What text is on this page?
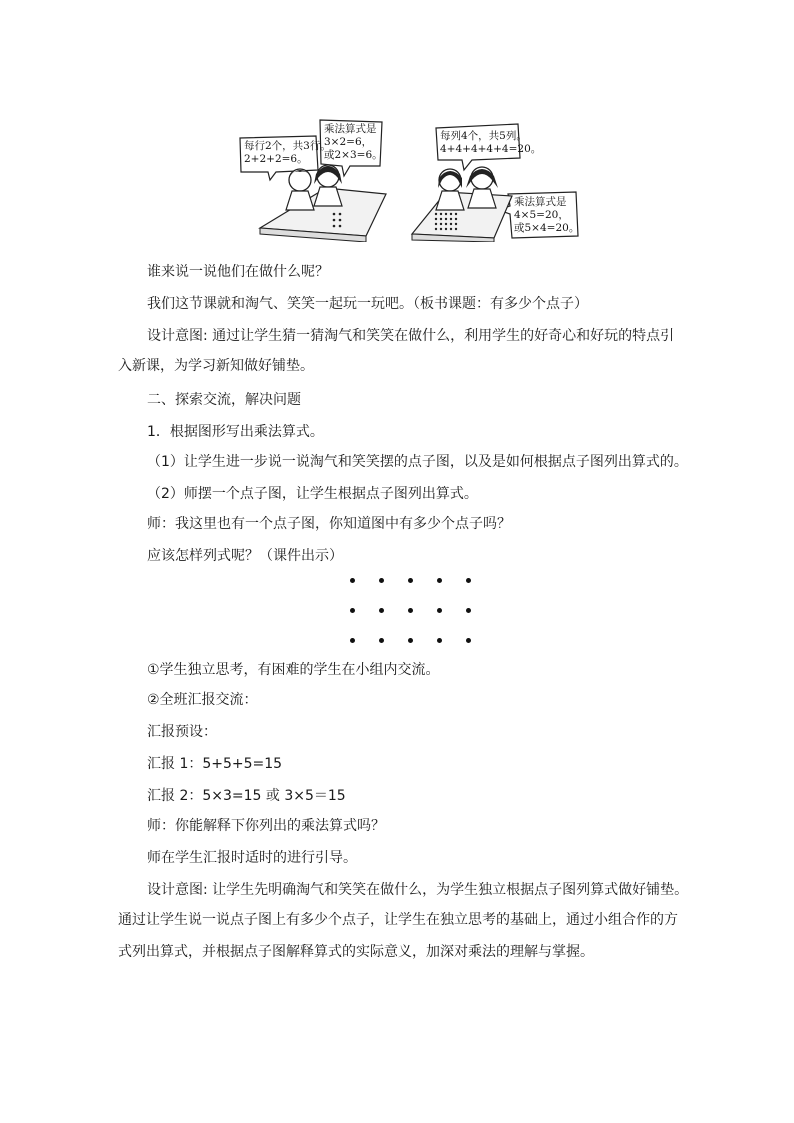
每行2个，共3行。
2+2+2=6。
乘法算式是
3×2=6，
或2×3=6。
每列4个，共5列。
4+4+4+4+4=20。
乘法算式是
4×5=20，
或5×4=20。
谁来说一说他们在做什么呢？
我们这节课就和淘气、笑笑一起玩一玩吧。（板书课题：有多少个点子）
设计意图: 通过让学生猜一猜淘气和笑笑在做什么，利用学生的好奇心和好玩的特点引
入新课，为学习新知做好铺垫。
二、探索交流，解决问题
1．根据图形写出乘法算式。
（1）让学生进一步说一说淘气和笑笑摆的点子图，以及是如何根据点子图列出算式的。
（2）师摆一个点子图，让学生根据点子图列出算式。
师：我这里也有一个点子图，你知道图中有多少个点子吗？
应该怎样列式呢？（课件出示）
①学生独立思考，有困难的学生在小组内交流。
②全班汇报交流：
汇报预设：
汇报 1：5+5+5=15
汇报 2：5×3=15 或 3×5＝15
师：你能解释下你列出的乘法算式吗？
师在学生汇报时适时的进行引导。
设计意图: 让学生先明确淘气和笑笑在做什么，为学生独立根据点子图列算式做好铺垫。
通过让学生说一说点子图上有多少个点子，让学生在独立思考的基础上，通过小组合作的方
式列出算式，并根据点子图解释算式的实际意义，加深对乘法的理解与掌握。
